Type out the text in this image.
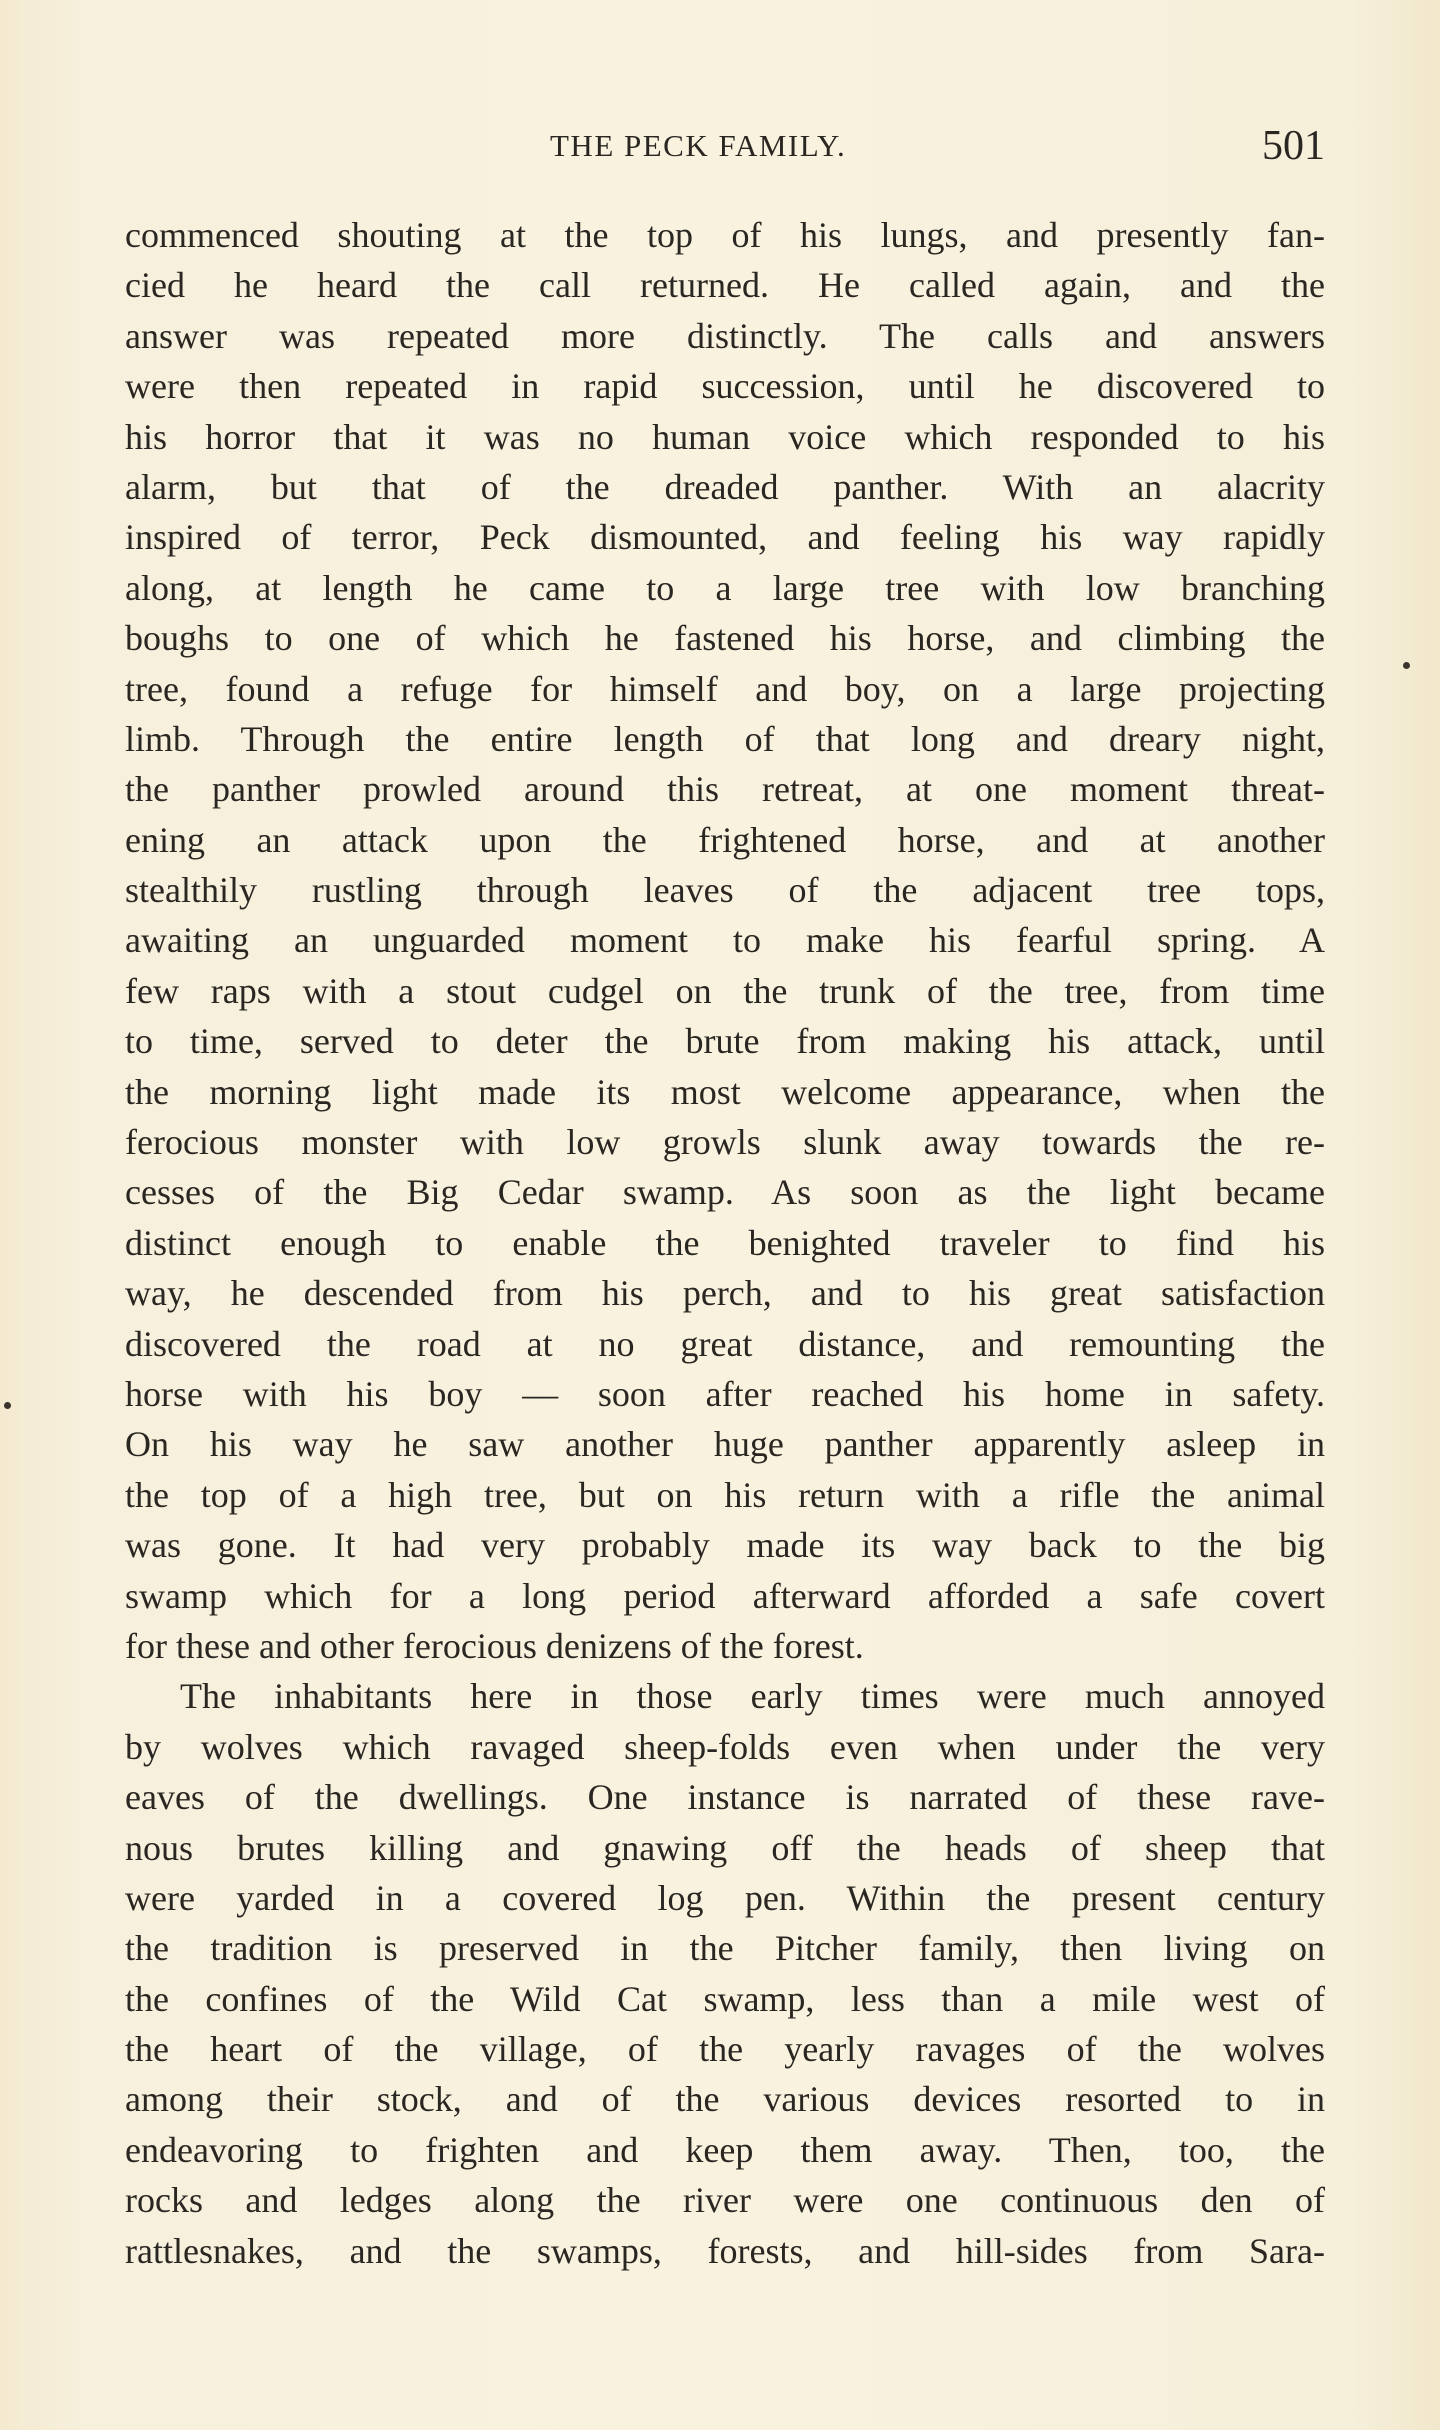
THE PECK FAMILY.	501
commenced shouting at the top of his lungs, and presently fan-
cied he heard the call returned. He called again, and the
answer was repeated more distinctly. The calls and answers
were then repeated in rapid succession, until he discovered to
his horror that it was no human voice which responded to his
alarm, but that of the dreaded panther. With an alacrity
inspired of terror, Peck dismounted, and feeling his way rapidly
along, at length he came to a large tree with low branching
boughs to one of which he fastened his horse, and climbing the
tree, found a refuge for himself and boy, on a large projecting
limb. Through the entire length of that long and dreary night,
the panther prowled around this retreat, at one moment threat-
ening an attack upon the frightened horse, and at another
stealthily rustling through leaves of the adjacent tree tops,
awaiting an unguarded moment to make his fearful spring. A
few raps with a stout cudgel on the trunk of the tree, from time
to time, served to deter the brute from making his attack, until
the morning light made its most welcome appearance, when the
ferocious monster with low growls slunk away towards the re-
cesses of the Big Cedar swamp. As soon as the light became
distinct enough to enable the benighted traveler to find his
way, he descended from his perch, and to his great satisfaction
discovered the road at no great distance, and remounting the
horse with his boy — soon after reached his home in safety.
On his way he saw another huge panther apparently asleep in
the top of a high tree, but on his return with a rifle the animal
was gone. It had very probably made its way back to the big
swamp which for a long period afterward afforded a safe covert
for these and other ferocious denizens of the forest.
The inhabitants here in those early times were much annoyed
by wolves which ravaged sheep-folds even when under the very
eaves of the dwellings. One instance is narrated of these rave-
nous brutes killing and gnawing off the heads of sheep that
were yarded in a covered log pen. Within the present century
the tradition is preserved in the Pitcher family, then living on
the confines of the Wild Cat swamp, less than a mile west of
the heart of the village, of the yearly ravages of the wolves
among their stock, and of the various devices resorted to in
endeavoring to frighten and keep them away. Then, too, the
rocks and ledges along the river were one continuous den of
rattlesnakes, and the swamps, forests, and hill-sides from Sara-
